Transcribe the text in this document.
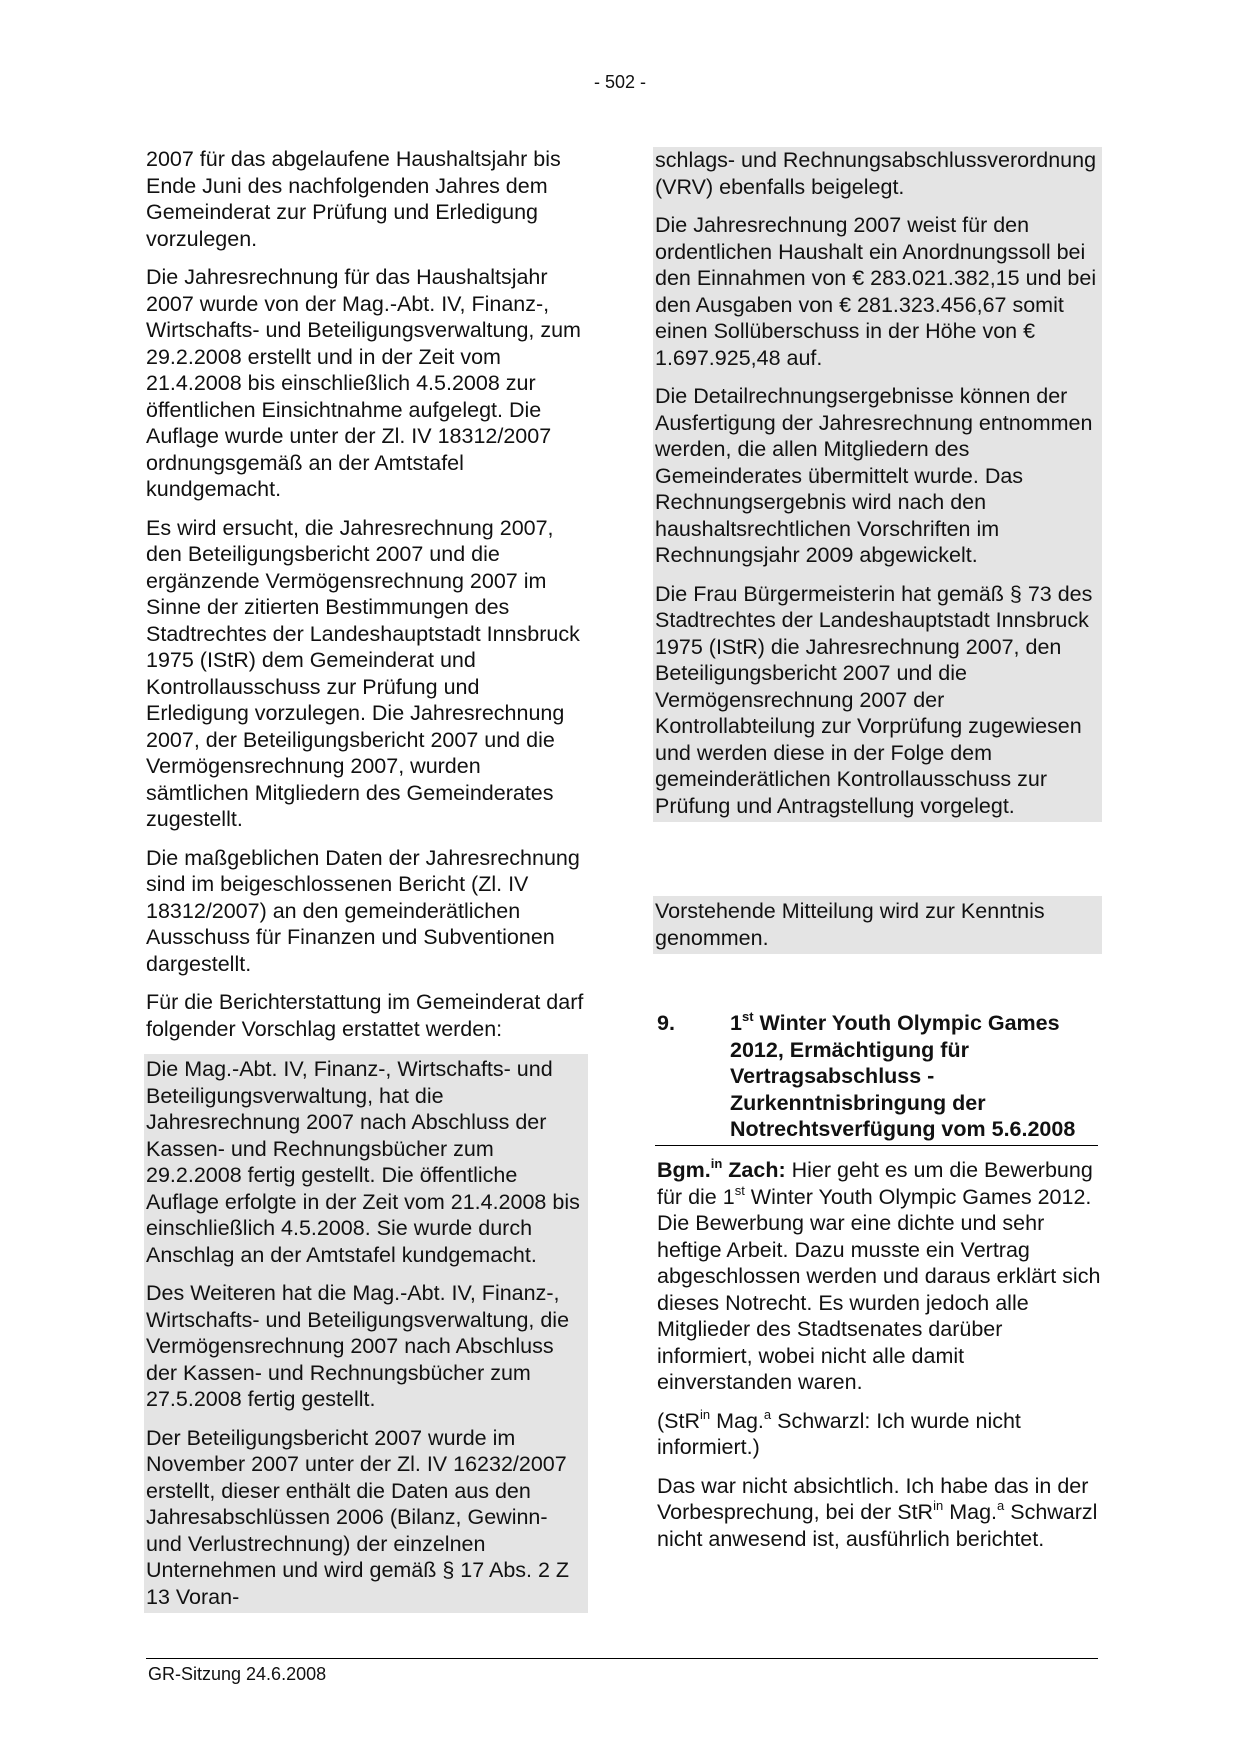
- 502 -

2007 für das abgelaufene Haushaltsjahr bis Ende Juni des nachfolgenden Jahres dem Gemeinderat zur Prüfung und Erledigung vorzulegen.

Die Jahresrechnung für das Haushaltsjahr 2007 wurde von der Mag.-Abt. IV, Finanz-, Wirtschafts- und Beteiligungsverwaltung, zum 29.2.2008 erstellt und in der Zeit vom 21.4.2008 bis einschließlich 4.5.2008 zur öffentlichen Einsichtnahme aufgelegt. Die Auflage wurde unter der Zl. IV 18312/2007 ordnungsgemäß an der Amtstafel kundgemacht.

Es wird ersucht, die Jahresrechnung 2007, den Beteiligungsbericht 2007 und die ergänzende Vermögensrechnung 2007 im Sinne der zitierten Bestimmungen des Stadtrechtes der Landeshauptstadt Innsbruck 1975 (IStR) dem Gemeinderat und Kontrollausschuss zur Prüfung und Erledigung vorzulegen. Die Jahresrechnung 2007, der Beteiligungsbericht 2007 und die Vermögensrechnung 2007, wurden sämtlichen Mitgliedern des Gemeinderates zugestellt.

Die maßgeblichen Daten der Jahresrechnung sind im beigeschlossenen Bericht (Zl. IV 18312/2007) an den gemeinderätlichen Ausschuss für Finanzen und Subventionen dargestellt.

Für die Berichterstattung im Gemeinderat darf folgender Vorschlag erstattet werden:

Die Mag.-Abt. IV, Finanz-, Wirtschafts- und Beteiligungsverwaltung, hat die Jahresrechnung 2007 nach Abschluss der Kassen- und Rechnungsbücher zum 29.2.2008 fertig gestellt. Die öffentliche Auflage erfolgte in der Zeit vom 21.4.2008 bis einschließlich 4.5.2008. Sie wurde durch Anschlag an der Amtstafel kundgemacht.

Des Weiteren hat die Mag.-Abt. IV, Finanz-, Wirtschafts- und Beteiligungsverwaltung, die Vermögensrechnung 2007 nach Abschluss der Kassen- und Rechnungsbücher zum 27.5.2008 fertig gestellt.

Der Beteiligungsbericht 2007 wurde im November 2007 unter der Zl. IV 16232/2007 erstellt, dieser enthält die Daten aus den Jahresabschlüssen 2006 (Bilanz, Gewinn- und Verlustrechnung) der einzelnen Unternehmen und wird gemäß § 17 Abs. 2 Z 13 Voran-

schlags- und Rechnungsabschlussverordnung (VRV) ebenfalls beigelegt.

Die Jahresrechnung 2007 weist für den ordentlichen Haushalt ein Anordnungssoll bei den Einnahmen von € 283.021.382,15 und bei den Ausgaben von € 281.323.456,67 somit einen Sollüberschuss in der Höhe von € 1.697.925,48 auf.

Die Detailrechnungsergebnisse können der Ausfertigung der Jahresrechnung entnommen werden, die allen Mitgliedern des Gemeinderates übermittelt wurde. Das Rechnungsergebnis wird nach den haushaltsrechtlichen Vorschriften im Rechnungsjahr 2009 abgewickelt.

Die Frau Bürgermeisterin hat gemäß § 73 des Stadtrechtes der Landeshauptstadt Innsbruck 1975 (IStR) die Jahresrechnung 2007, den Beteiligungsbericht 2007 und die Vermögensrechnung 2007 der Kontrollabteilung zur Vorprüfung zugewiesen und werden diese in der Folge dem gemeinderätlichen Kontrollausschuss zur Prüfung und Antragstellung vorgelegt.

Vorstehende Mitteilung wird zur Kenntnis genommen.

9.	1st Winter Youth Olympic Games 2012, Ermächtigung für Vertragsabschluss - Zurkenntnisbringung der Notrechtsverfügung vom 5.6.2008

Bgm.$^{in}$ Zach: Hier geht es um die Bewerbung für die 1st Winter Youth Olympic Games 2012. Die Bewerbung war eine dichte und sehr heftige Arbeit. Dazu musste ein Vertrag abgeschlossen werden und daraus erklärt sich dieses Notrecht. Es wurden jedoch alle Mitglieder des Stadtsenates darüber informiert, wobei nicht alle damit einverstanden waren.

(StR$^{in}$ Mag.$^a$ Schwarzl: Ich wurde nicht informiert.)

Das war nicht absichtlich. Ich habe das in der Vorbesprechung, bei der StR$^{in}$ Mag.$^a$ Schwarzl nicht anwesend ist, ausführlich berichtet.

GR-Sitzung 24.6.2008
